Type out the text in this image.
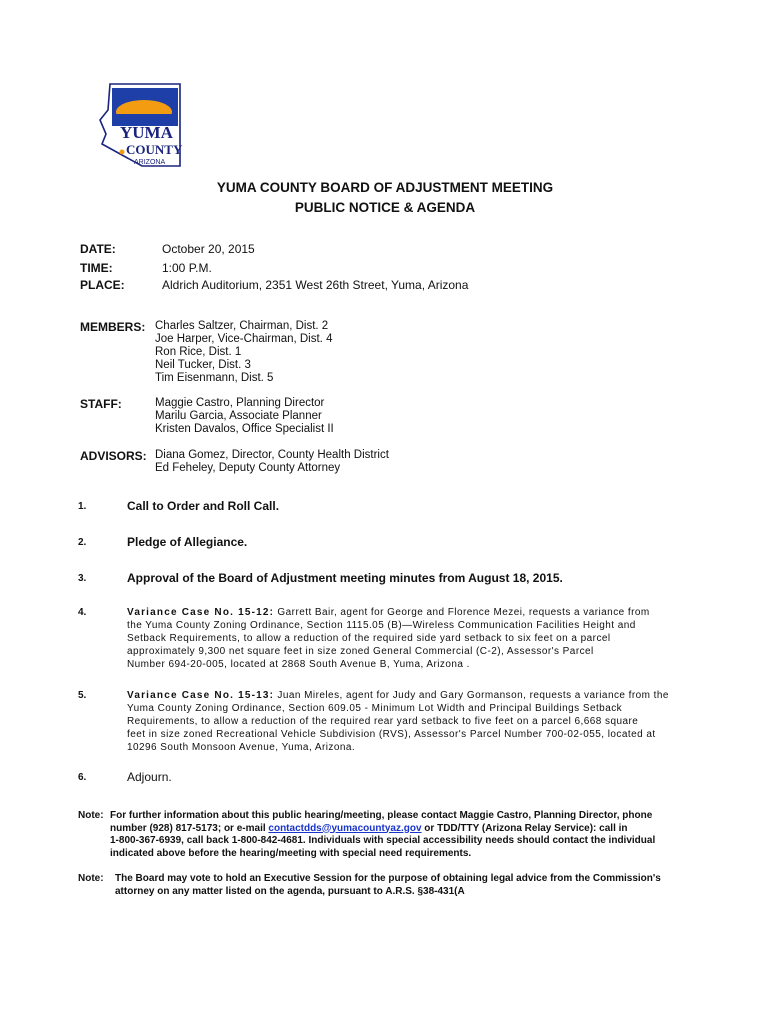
YUMA
COUNTY
ARIZONA
YUMA COUNTY BOARD OF ADJUSTMENT MEETING
PUBLIC NOTICE & AGENDA
DATE:	October 20, 2015
TIME:	1:00 P.M.
PLACE:	Aldrich Auditorium, 2351 West 26th Street, Yuma, Arizona
MEMBERS: Charles Saltzer, Chairman, Dist. 2
Joe Harper, Vice-Chairman, Dist. 4
Ron Rice, Dist. 1
Neil Tucker, Dist. 3
Tim Eisenmann, Dist. 5
STAFF:	Maggie Castro, Planning Director
Marilu Garcia, Associate Planner
Kristen Davalos, Office Specialist II
ADVISORS: Diana Gomez, Director, County Health District
Ed Feheley, Deputy County Attorney
1.	Call to Order and Roll Call.
2.	Pledge of Allegiance.
3.	Approval of the Board of Adjustment meeting minutes from August 18, 2015.
4.	Variance Case No. 15-12: Garrett Bair, agent for George and Florence Mezei, requests a variance from
the Yuma County Zoning Ordinance, Section 1115.05 (B)—Wireless Communication Facilities Height and
Setback Requirements, to allow a reduction of the required side yard setback to six feet on a parcel
approximately 9,300 net square feet in size zoned General Commercial (C-2), Assessor's Parcel
Number 694-20-005, located at 2868 South Avenue B, Yuma, Arizona .
5.	Variance Case No. 15-13: Juan Mireles, agent for Judy and Gary Gormanson, requests a variance from the
Yuma County Zoning Ordinance, Section 609.05 - Minimum Lot Width and Principal Buildings Setback
Requirements, to allow a reduction of the required rear yard setback to five feet on a parcel 6,668 square
feet in size zoned Recreational Vehicle Subdivision (RVS), Assessor's Parcel Number 700-02-055, located at
10296 South Monsoon Avenue, Yuma, Arizona.
6.	Adjourn.
Note: For further information about this public hearing/meeting, please contact Maggie Castro, Planning Director, phone
number (928) 817-5173; or e-mail contactdds@yumacountyaz.gov or TDD/TTY (Arizona Relay Service): call in
1-800-367-6939, call back 1-800-842-4681. Individuals with special accessibility needs should contact the individual
indicated above before the hearing/meeting with special need requirements.
Note: The Board may vote to hold an Executive Session for the purpose of obtaining legal advice from the Commission's
attorney on any matter listed on the agenda, pursuant to A.R.S. §38-431(A
